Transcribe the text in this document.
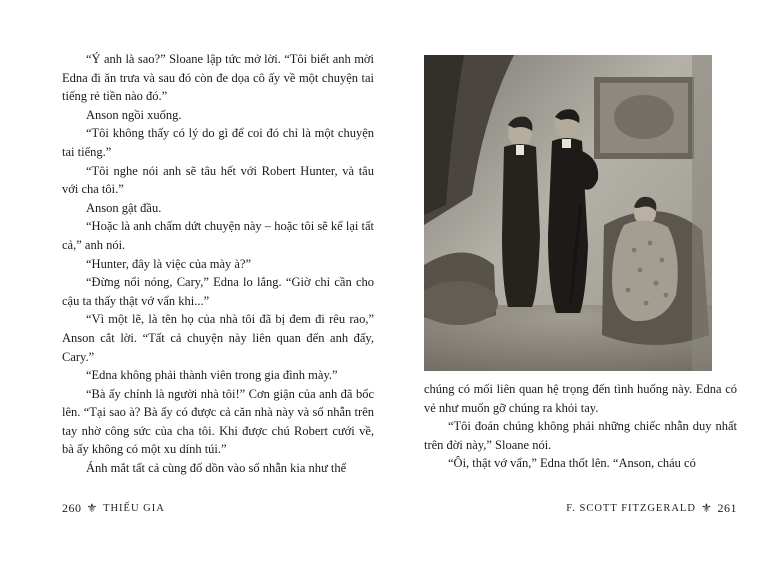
“Ý anh là sao?” Sloane lập tức mở lời. “Tôi biết anh mời Edna đi ăn trưa và sau đó còn đe dọa cô ấy về một chuyện tai tiếng rẻ tiền nào đó.”

Anson ngồi xuống.

“Tôi không thấy có lý do gì để coi đó chỉ là một chuyện tai tiếng.”

“Tôi nghe nói anh sẽ tâu hết với Robert Hunter, và tâu với cha tôi.”

Anson gật đầu.

“Hoặc là anh chấm dứt chuyện này – hoặc tôi sẽ kể lại tất cả,” anh nói.

“Hunter, đây là việc của mày à?”

“Đừng nổi nóng, Cary,” Edna lo lắng. “Giờ chỉ cần cho cậu ta thấy thật vớ vẩn khi...”

“Vì một lẽ, là tên họ của nhà tôi đã bị đem đi rêu rao,” Anson cắt lời. “Tất cả chuyện này liên quan đến anh đấy, Cary.”

“Edna không phải thành viên trong gia đình mày.”

“Bà ấy chính là người nhà tôi!” Cơn giận của anh đã bốc lên. “Tại sao à? Bà ấy có được cả căn nhà này và số nhẫn trên tay nhờ công sức của cha tôi. Khi được chú Robert cưới về, bà ấy không có một xu dính túi.”

Ánh mắt tất cả cùng đổ dồn vào số nhẫn kia như thể

chúng có mối liên quan hệ trọng đến tình huống này. Edna có vẻ như muốn gỡ chúng ra khỏi tay.

“Tôi đoán chúng không phải những chiếc nhẫn duy nhất trên đời này,” Sloane nói.

“Ôi, thật vớ vẩn,” Edna thốt lên. “Anson, cháu có

260 ⚜ THIẾU GIA	F. SCOTT FITZGERALD ⚜ 261
